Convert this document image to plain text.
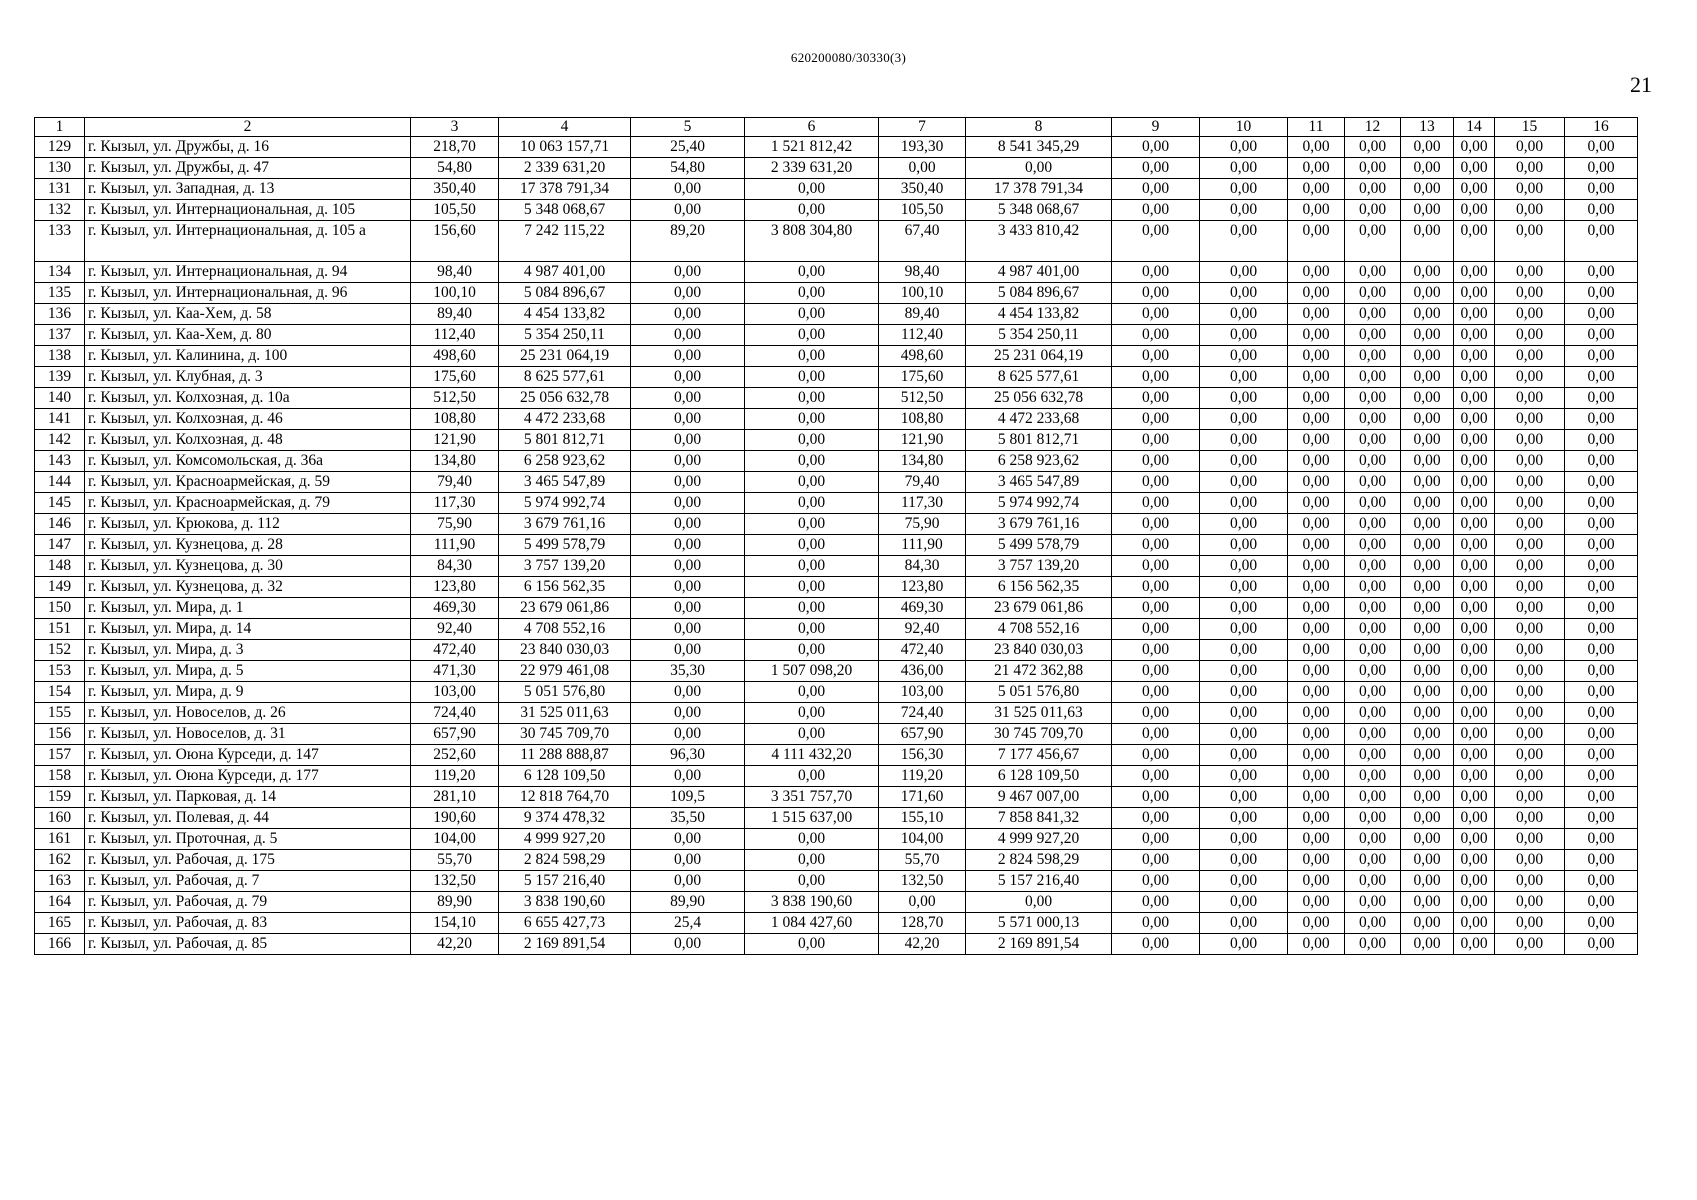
620200080/30330(3)
21
1	2	3	4	5	6	7	8	9	10	11	12	13	14	15	16
129	г. Кызыл, ул. Дружбы, д. 16	218,70	10 063 157,71	25,40	1 521 812,42	193,30	8 541 345,29	0,00	0,00	0,00	0,00	0,00	0,00	0,00	0,00
130	г. Кызыл, ул. Дружбы, д. 47	54,80	2 339 631,20	54,80	2 339 631,20	0,00	0,00	0,00	0,00	0,00	0,00	0,00	0,00	0,00	0,00
131	г. Кызыл, ул. Западная, д. 13	350,40	17 378 791,34	0,00	0,00	350,40	17 378 791,34	0,00	0,00	0,00	0,00	0,00	0,00	0,00	0,00
132	г. Кызыл, ул. Интернациональная, д. 105	105,50	5 348 068,67	0,00	0,00	105,50	5 348 068,67	0,00	0,00	0,00	0,00	0,00	0,00	0,00	0,00
133	г. Кызыл, ул. Интернациональная, д. 105 а	156,60	7 242 115,22	89,20	3 808 304,80	67,40	3 433 810,42	0,00	0,00	0,00	0,00	0,00	0,00	0,00	0,00
134	г. Кызыл, ул. Интернациональная, д. 94	98,40	4 987 401,00	0,00	0,00	98,40	4 987 401,00	0,00	0,00	0,00	0,00	0,00	0,00	0,00	0,00
135	г. Кызыл, ул. Интернациональная, д. 96	100,10	5 084 896,67	0,00	0,00	100,10	5 084 896,67	0,00	0,00	0,00	0,00	0,00	0,00	0,00	0,00
136	г. Кызыл, ул. Каа-Хем, д. 58	89,40	4 454 133,82	0,00	0,00	89,40	4 454 133,82	0,00	0,00	0,00	0,00	0,00	0,00	0,00	0,00
137	г. Кызыл, ул. Каа-Хем, д. 80	112,40	5 354 250,11	0,00	0,00	112,40	5 354 250,11	0,00	0,00	0,00	0,00	0,00	0,00	0,00	0,00
138	г. Кызыл, ул. Калинина, д. 100	498,60	25 231 064,19	0,00	0,00	498,60	25 231 064,19	0,00	0,00	0,00	0,00	0,00	0,00	0,00	0,00
139	г. Кызыл, ул. Клубная, д. 3	175,60	8 625 577,61	0,00	0,00	175,60	8 625 577,61	0,00	0,00	0,00	0,00	0,00	0,00	0,00	0,00
140	г. Кызыл, ул. Колхозная, д. 10а	512,50	25 056 632,78	0,00	0,00	512,50	25 056 632,78	0,00	0,00	0,00	0,00	0,00	0,00	0,00	0,00
141	г. Кызыл, ул. Колхозная, д. 46	108,80	4 472 233,68	0,00	0,00	108,80	4 472 233,68	0,00	0,00	0,00	0,00	0,00	0,00	0,00	0,00
142	г. Кызыл, ул. Колхозная, д. 48	121,90	5 801 812,71	0,00	0,00	121,90	5 801 812,71	0,00	0,00	0,00	0,00	0,00	0,00	0,00	0,00
143	г. Кызыл, ул. Комсомольская, д. 36а	134,80	6 258 923,62	0,00	0,00	134,80	6 258 923,62	0,00	0,00	0,00	0,00	0,00	0,00	0,00	0,00
144	г. Кызыл, ул. Красноармейская, д. 59	79,40	3 465 547,89	0,00	0,00	79,40	3 465 547,89	0,00	0,00	0,00	0,00	0,00	0,00	0,00	0,00
145	г. Кызыл, ул. Красноармейская, д. 79	117,30	5 974 992,74	0,00	0,00	117,30	5 974 992,74	0,00	0,00	0,00	0,00	0,00	0,00	0,00	0,00
146	г. Кызыл, ул. Крюкова, д. 112	75,90	3 679 761,16	0,00	0,00	75,90	3 679 761,16	0,00	0,00	0,00	0,00	0,00	0,00	0,00	0,00
147	г. Кызыл, ул. Кузнецова, д. 28	111,90	5 499 578,79	0,00	0,00	111,90	5 499 578,79	0,00	0,00	0,00	0,00	0,00	0,00	0,00	0,00
148	г. Кызыл, ул. Кузнецова, д. 30	84,30	3 757 139,20	0,00	0,00	84,30	3 757 139,20	0,00	0,00	0,00	0,00	0,00	0,00	0,00	0,00
149	г. Кызыл, ул. Кузнецова, д. 32	123,80	6 156 562,35	0,00	0,00	123,80	6 156 562,35	0,00	0,00	0,00	0,00	0,00	0,00	0,00	0,00
150	г. Кызыл, ул. Мира, д. 1	469,30	23 679 061,86	0,00	0,00	469,30	23 679 061,86	0,00	0,00	0,00	0,00	0,00	0,00	0,00	0,00
151	г. Кызыл, ул. Мира, д. 14	92,40	4 708 552,16	0,00	0,00	92,40	4 708 552,16	0,00	0,00	0,00	0,00	0,00	0,00	0,00	0,00
152	г. Кызыл, ул. Мира, д. 3	472,40	23 840 030,03	0,00	0,00	472,40	23 840 030,03	0,00	0,00	0,00	0,00	0,00	0,00	0,00	0,00
153	г. Кызыл, ул. Мира, д. 5	471,30	22 979 461,08	35,30	1 507 098,20	436,00	21 472 362,88	0,00	0,00	0,00	0,00	0,00	0,00	0,00	0,00
154	г. Кызыл, ул. Мира, д. 9	103,00	5 051 576,80	0,00	0,00	103,00	5 051 576,80	0,00	0,00	0,00	0,00	0,00	0,00	0,00	0,00
155	г. Кызыл, ул. Новоселов, д. 26	724,40	31 525 011,63	0,00	0,00	724,40	31 525 011,63	0,00	0,00	0,00	0,00	0,00	0,00	0,00	0,00
156	г. Кызыл, ул. Новоселов, д. 31	657,90	30 745 709,70	0,00	0,00	657,90	30 745 709,70	0,00	0,00	0,00	0,00	0,00	0,00	0,00	0,00
157	г. Кызыл, ул. Оюна Курседи, д. 147	252,60	11 288 888,87	96,30	4 111 432,20	156,30	7 177 456,67	0,00	0,00	0,00	0,00	0,00	0,00	0,00	0,00
158	г. Кызыл, ул. Оюна Курседи, д. 177	119,20	6 128 109,50	0,00	0,00	119,20	6 128 109,50	0,00	0,00	0,00	0,00	0,00	0,00	0,00	0,00
159	г. Кызыл, ул. Парковая, д. 14	281,10	12 818 764,70	109,5	3 351 757,70	171,60	9 467 007,00	0,00	0,00	0,00	0,00	0,00	0,00	0,00	0,00
160	г. Кызыл, ул. Полевая, д. 44	190,60	9 374 478,32	35,50	1 515 637,00	155,10	7 858 841,32	0,00	0,00	0,00	0,00	0,00	0,00	0,00	0,00
161	г. Кызыл, ул. Проточная, д. 5	104,00	4 999 927,20	0,00	0,00	104,00	4 999 927,20	0,00	0,00	0,00	0,00	0,00	0,00	0,00	0,00
162	г. Кызыл, ул. Рабочая, д. 175	55,70	2 824 598,29	0,00	0,00	55,70	2 824 598,29	0,00	0,00	0,00	0,00	0,00	0,00	0,00	0,00
163	г. Кызыл, ул. Рабочая, д. 7	132,50	5 157 216,40	0,00	0,00	132,50	5 157 216,40	0,00	0,00	0,00	0,00	0,00	0,00	0,00	0,00
164	г. Кызыл, ул. Рабочая, д. 79	89,90	3 838 190,60	89,90	3 838 190,60	0,00	0,00	0,00	0,00	0,00	0,00	0,00	0,00	0,00	0,00
165	г. Кызыл, ул. Рабочая, д. 83	154,10	6 655 427,73	25,4	1 084 427,60	128,70	5 571 000,13	0,00	0,00	0,00	0,00	0,00	0,00	0,00	0,00
166	г. Кызыл, ул. Рабочая, д. 85	42,20	2 169 891,54	0,00	0,00	42,20	2 169 891,54	0,00	0,00	0,00	0,00	0,00	0,00	0,00	0,00
